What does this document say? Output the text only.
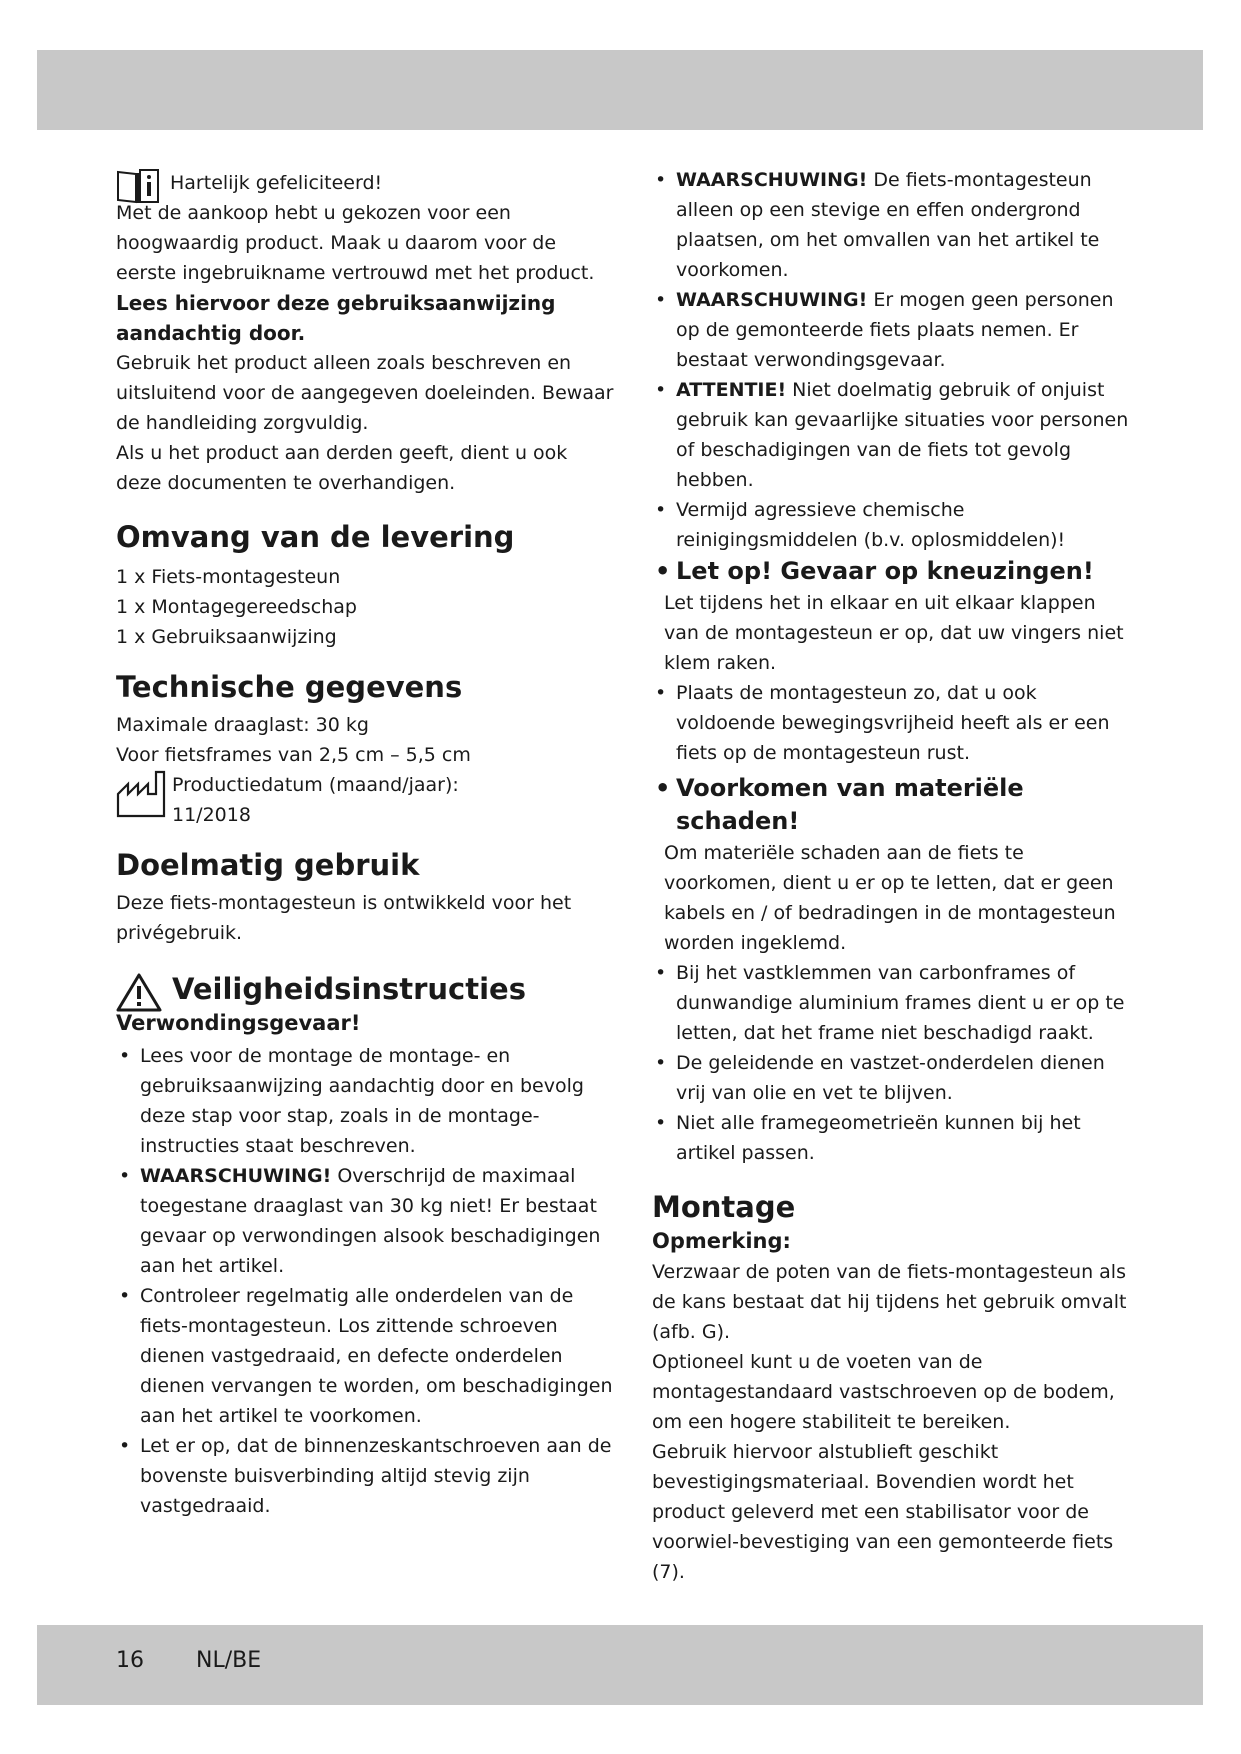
Hartelijk gefeliciteerd!

Met de aankoop hebt u gekozen voor een hoogwaardig product. Maak u daarom voor de eerste ingebruikname vertrouwd met het product.

Lees hiervoor deze gebruiksaanwijzing aandachtig door.

Gebruik het product alleen zoals beschreven en uitsluitend voor de aangegeven doeleinden. Bewaar de handleiding zorgvuldig.

Als u het product aan derden geeft, dient u ook deze documenten te overhandigen.

Omvang van de levering

1 x Fiets-montagesteun

1 x Montagegereedschap

1 x Gebruiksaanwijzing

Technische gegevens

Maximale draaglast: 30 kg

Voor fietsframes van 2,5 cm – 5,5 cm

Productiedatum (maand/jaar):

11/2018

Doelmatig gebruik

Deze fiets-montagesteun is ontwikkeld voor het privégebruik.

Veiligheidsinstructies
Verwondingsgevaar!
• Lees voor de montage de montage- en gebruiksaanwijzing aandachtig door en bevolg deze stap voor stap, zoals in de montage-instructies staat beschreven.
• WAARSCHUWING! Overschrijd de maximaal toegestane draaglast van 30 kg niet! Er bestaat gevaar op verwondingen alsook beschadigingen aan het artikel.
• Controleer regelmatig alle onderdelen van de fiets-montagesteun. Los zittende schroeven dienen vastgedraaid, en defecte onderdelen dienen vervangen te worden, om beschadigingen aan het artikel te voorkomen.
• Let er op, dat de binnenzeskantschroeven aan de bovenste buisverbinding altijd stevig zijn vastgedraaid.
• WAARSCHUWING! De fiets-montagesteun alleen op een stevige en effen ondergrond plaatsen, om het omvallen van het artikel te voorkomen.
• WAARSCHUWING! Er mogen geen personen op de gemonteerde fiets plaats nemen. Er bestaat verwondingsgevaar.
• ATTENTIE! Niet doelmatig gebruik of onjuist gebruik kan gevaarlijke situaties voor personen of beschadigingen van de fiets tot gevolg hebben.
• Vermijd agressieve chemische reinigingsmiddelen (b.v. oplosmiddelen)!
• Let op! Gevaar op kneuzingen!

Let tijdens het in elkaar en uit elkaar klappen van de montagesteun er op, dat uw vingers niet klem raken.

• Plaats de montagesteun zo, dat u ook voldoende bewegingsvrijheid heeft als er een fiets op de montagesteun rust.
• Voorkomen van materiële schaden!

Om materiële schaden aan de fiets te voorkomen, dient u er op te letten, dat er geen kabels en / of bedradingen in de montagesteun worden ingeklemd.

• Bij het vastklemmen van carbonframes of dunwandige aluminium frames dient u er op te letten, dat het frame niet beschadigd raakt.
• De geleidende en vastzet-onderdelen dienen vrij van olie en vet te blijven.
• Niet alle framegeometrieën kunnen bij het artikel passen.
Montage
Opmerking:

Verzwaar de poten van de fiets-montagesteun als de kans bestaat dat hij tijdens het gebruik omvalt (afb. G).

Optioneel kunt u de voeten van de montagestandaard vastschroeven op de bodem, om een hogere stabiliteit te bereiken.

Gebruik hiervoor alstublieft geschikt bevestigingsmateriaal. Bovendien wordt het product geleverd met een stabilisator voor de voorwiel-bevestiging van een gemonteerde fiets (7).

16 NL/BE
